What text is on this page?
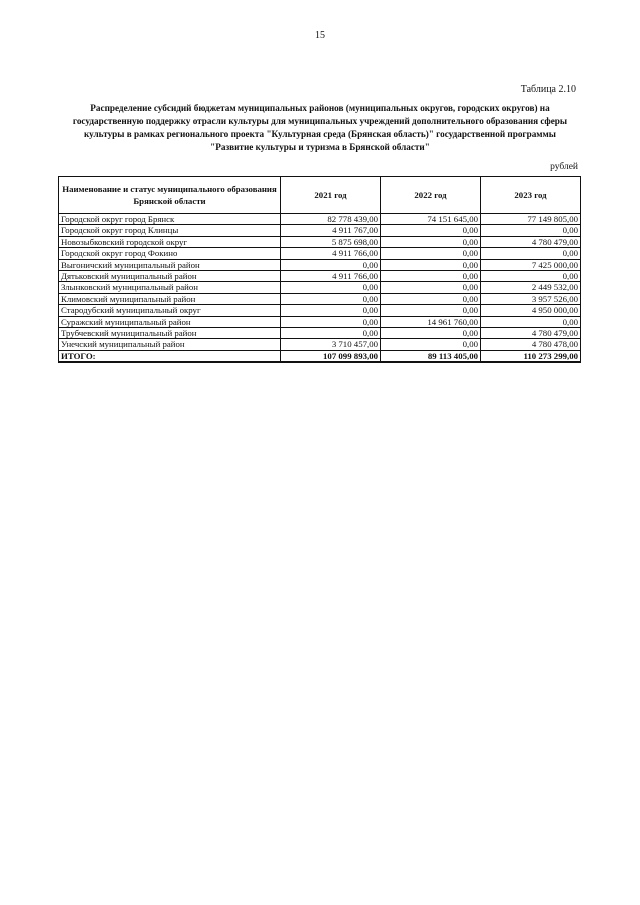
15
Таблица 2.10
Распределение субсидий бюджетам муниципальных районов (муниципальных округов, городских округов) на государственную поддержку отрасли культуры для муниципальных учреждений дополнительного образования сферы культуры в рамках регионального проекта "Культурная среда (Брянская область)" государственной программы "Развитие культуры и туризма в Брянской области"
рублей
Наименование и статус муниципального образования Брянской области	2021 год	2022 год	2023 год
Городской округ город Брянск	82 778 439,00	74 151 645,00	77 149 805,00
Городской округ город Клинцы	4 911 767,00	0,00	0,00
Новозыбковский городской округ	5 875 698,00	0,00	4 780 479,00
Городской округ город Фокино	4 911 766,00	0,00	0,00
Выгоничский муниципальный район	0,00	0,00	7 425 000,00
Дятьковский муниципальный район	4 911 766,00	0,00	0,00
Злынковский муниципальный район	0,00	0,00	2 449 532,00
Климовский муниципальный район	0,00	0,00	3 957 526,00
Стародубский муниципальный округ	0,00	0,00	4 950 000,00
Суражский муниципальный район	0,00	14 961 760,00	0,00
Трубчевский муниципальный район	0,00	0,00	4 780 479,00
Унечский муниципальный район	3 710 457,00	0,00	4 780 478,00
ИТОГО:	107 099 893,00	89 113 405,00	110 273 299,00
